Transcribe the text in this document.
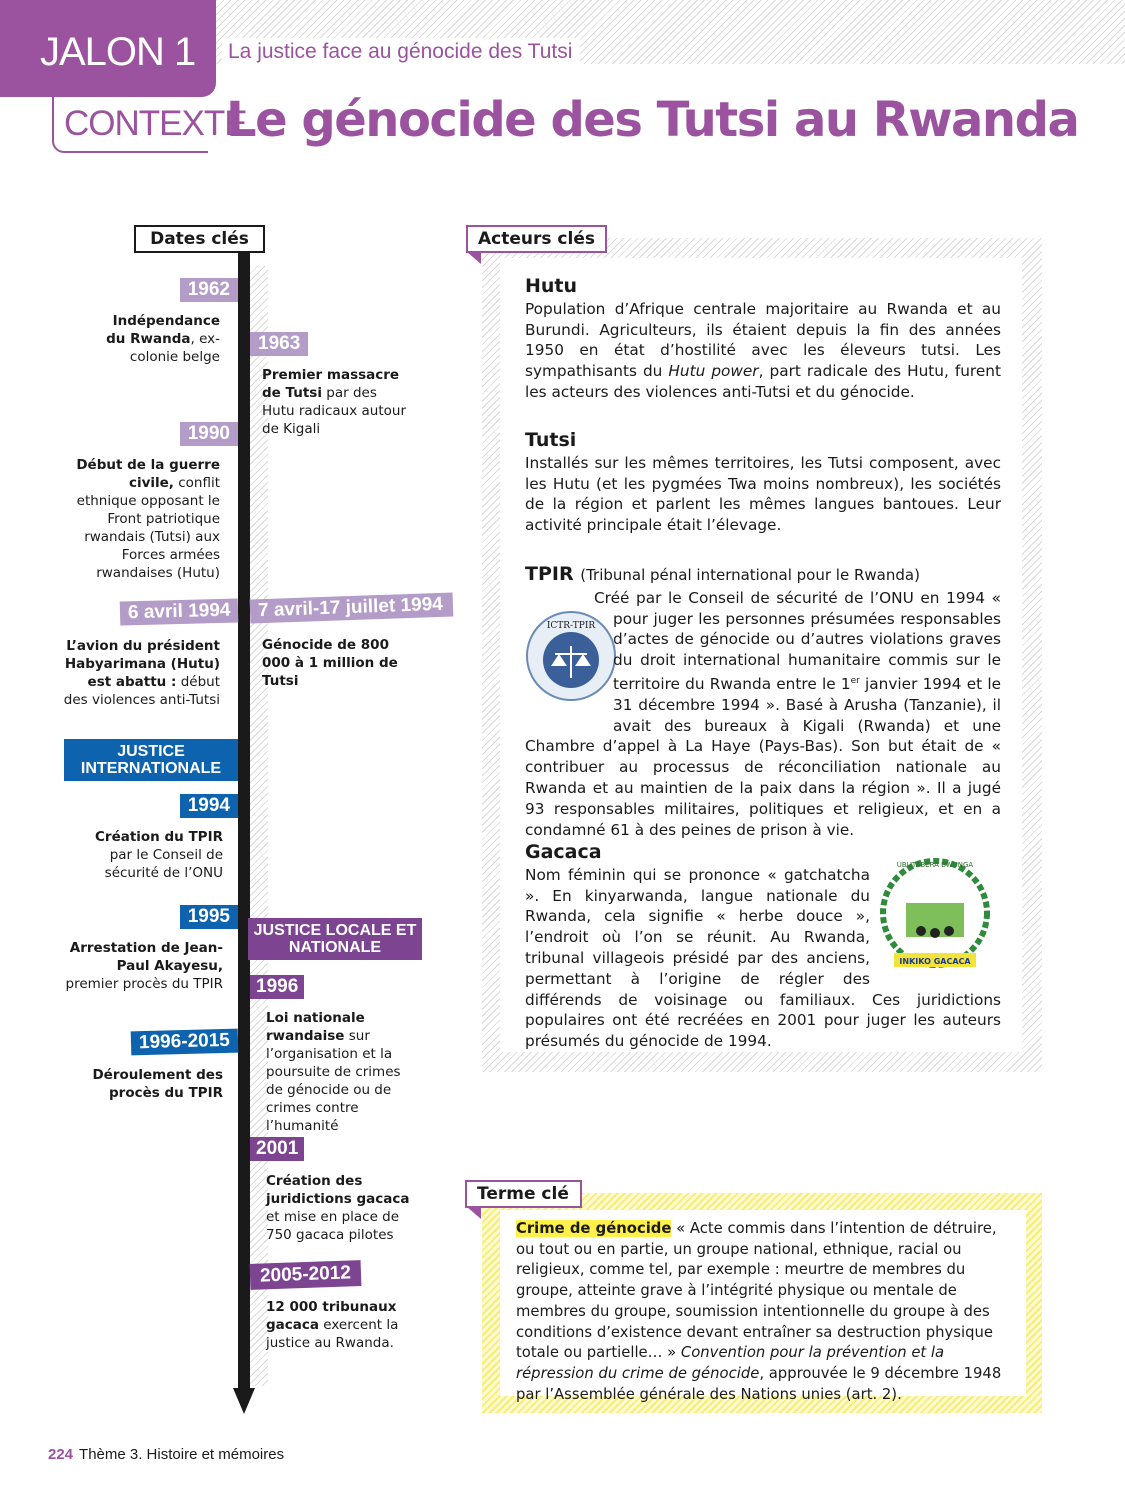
JALON 1 La justice face au génocide des Tutsi
CONTEXTE
Le génocide des Tutsi au Rwanda
Dates clés
1962
Indépendance du Rwanda, ex-colonie belge
1963
Premier massacre de Tutsi par des Hutu radicaux autour de Kigali
1990
Début de la guerre civile, conflit ethnique opposant le Front patriotique rwandais (Tutsi) aux Forces armées rwandaises (Hutu)
6 avril 1994
L’avion du président Habyarimana (Hutu) est abattu : début des violences anti-Tutsi
7 avril-17 juillet 1994
Génocide de 800 000 à 1 million de Tutsi
JUSTICE INTERNATIONALE
1994
Création du TPIR par le Conseil de sécurité de l’ONU
1995
Arrestation de Jean-Paul Akayesu, premier procès du TPIR
1996-2015
Déroulement des procès du TPIR
JUSTICE LOCALE ET NATIONALE
1996
Loi nationale rwandaise sur l’organisation et la poursuite de crimes de génocide ou de crimes contre l’humanité
2001
Création des juridictions gacaca et mise en place de 750 gacaca pilotes
2005-2012
12 000 tribunaux gacaca exercent la justice au Rwanda.
Acteurs clés
Hutu

Population d’Afrique centrale majoritaire au Rwanda et au Burundi. Agriculteurs, ils étaient depuis la fin des années 1950 en état d’hostilité avec les éleveurs tutsi. Les sympathisants du Hutu power, part radicale des Hutu, furent les acteurs des violences anti-Tutsi et du génocide.

Tutsi

Installés sur les mêmes territoires, les Tutsi composent, avec les Hutu (et les pygmées Twa moins nombreux), les sociétés de la région et parlent les mêmes langues bantoues. Leur activité principale était l’élevage.

TPIR (Tribunal pénal international pour le Rwanda)

ICTR-TPIR
Créé par le Conseil de sécurité de l’ONU en 1994 « pour juger les personnes présumées responsables d’actes de génocide ou d’autres violations graves du droit international humanitaire commis sur le territoire du Rwanda entre le 1er janvier 1994 et le 31 décembre 1994 ». Basé à Arusha (Tanzanie), il avait des bureaux à Kigali (Rwanda) et une Chambre d’appel à La Haye (Pays-Bas). Son but était de « contribuer au processus de réconciliation nationale au Rwanda et au maintien de la paix dans la région ». Il a jugé 93 responsables militaires, politiques et religieux, et en a condamné 61 à des peines de prison à vie.

Gacaca

UBUTABERA BWUNGA
INKIKO GACACA
Nom féminin qui se prononce « gatchatcha ». En kinyarwanda, langue nationale du Rwanda, cela signifie « herbe douce », l’endroit où l’on se réunit. Au Rwanda, tribunal villageois présidé par des anciens, permettant à l’origine de régler des différends de voisinage ou familiaux. Ces juridictions populaires ont été recréées en 2001 pour juger les auteurs présumés du génocide de 1994.

Terme clé
Crime de génocide « Acte commis dans l’intention de détruire, ou tout ou en partie, un groupe national, ethnique, racial ou religieux, comme tel, par exemple : meurtre de membres du groupe, atteinte grave à l’intégrité physique ou mentale de membres du groupe, soumission intentionnelle du groupe à des conditions d’existence devant entraîner sa destruction physique totale ou partielle… » Convention pour la prévention et la répression du crime de génocide, approuvée le 9 décembre 1948 par l’Assemblée générale des Nations unies (art. 2).
224 Thème 3. Histoire et mémoires
